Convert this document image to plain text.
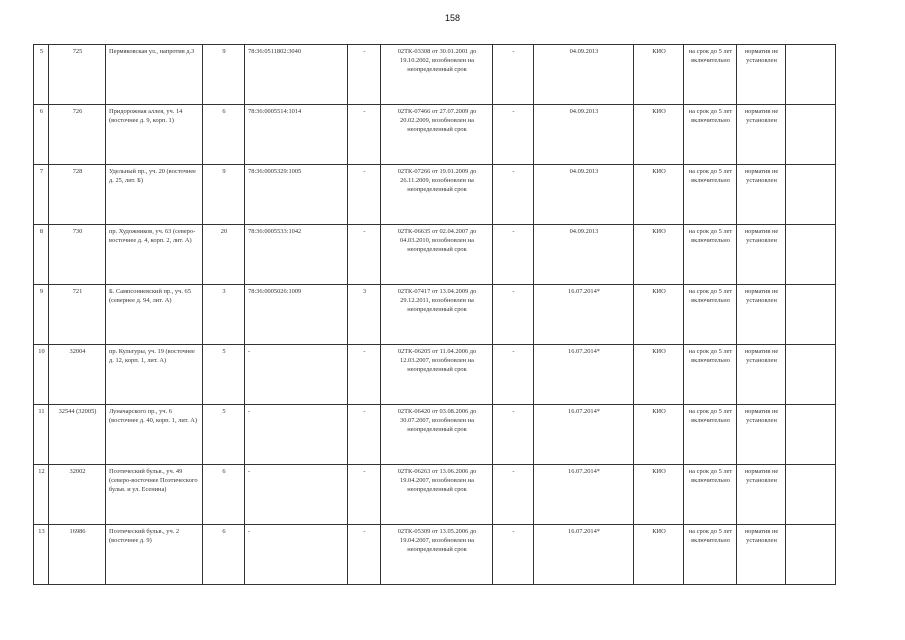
158
5	725	Пермяковская ул., напротив д.3	9	78:36:0511802:3040	-	02ТК-03308 от 30.01.2001 до 19.10.2002, возобновлен на неопределенный срок	-	04.09.2013	КИО	на срок до 5 лет включительно	норматив не установлен	
6	726	Придорожная аллея, уч. 14 (восточнее д. 9, корп. 1)	6	78:36:0005514:1014	-	02ТК-07466 от 27.07.2009 до 20.02.2009, возобновлен на неопределенный срок	-	04.09.2013	КИО	на срок до 5 лет включительно	норматив не установлен	
7	728	Удельный пр., уч. 20 (восточнее д. 25, лит. Б)	9	78:36:0005329:1005	-	02ТК-07266 от 19.01.2009 до 26.11.2009, возобновлен на неопределенный срок	-	04.09.2013	КИО	на срок до 5 лет включительно	норматив не установлен	
8	730	пр. Художников, уч. 63 (северо-восточнее д. 4, корп. 2, лит. А)	20	78:36:0005533:1042	-	02ТК-06635 от 02.04.2007 до 04.03.2010, возобновлен на неопределенный срок	-	04.09.2013	КИО	на срок до 5 лет включительно	норматив не установлен	
9	721	Б. Сампсониевский пр., уч. 65 (севернее д. 94, лит. А)	3	78:36:0005026:1009	3	02ТК-07417 от 13.04.2009 до 29.12.2011, возобновлен на неопределенный срок	-	16.07.2014*	КИО	на срок до 5 лет включительно	норматив не установлен	
10	32004	пр. Культуры, уч. 19 (восточнее д. 12, корп. 1, лит. А)	5	-	-	02ТК-06205 от 11.04.2006 до 12.03.2007, возобновлен на неопределенный срок	-	16.07.2014*	КИО	на срок до 5 лет включительно	норматив не установлен	
11	32544 (32005)	Луначарского пр., уч. 6 (восточнее д. 40, корп. 1, лит. А)	5	-	-	02ТК-06420 от 03.08.2006 до 30.07.2007, возобновлен на неопределенный срок	-	16.07.2014*	КИО	на срок до 5 лет включительно	норматив не установлен	
12	32002	Поэтический бульв., уч. 49 (северо-восточнее Поэтического бульв. и ул. Есенина)	6	-	-	02ТК-06263 от 13.06.2006 до 19.04.2007, возобновлен на неопределенный срок	-	16.07.2014*	КИО	на срок до 5 лет включительно	норматив не установлен	
13	16986	Поэтический бульв., уч. 2 (восточнее д. 9)	6	-	-	02ТК-05309 от 13.05.2006 до 19.04.2007, возобновлен на неопределенный срок	-	16.07.2014*	КИО	на срок до 5 лет включительно	норматив не установлен	
